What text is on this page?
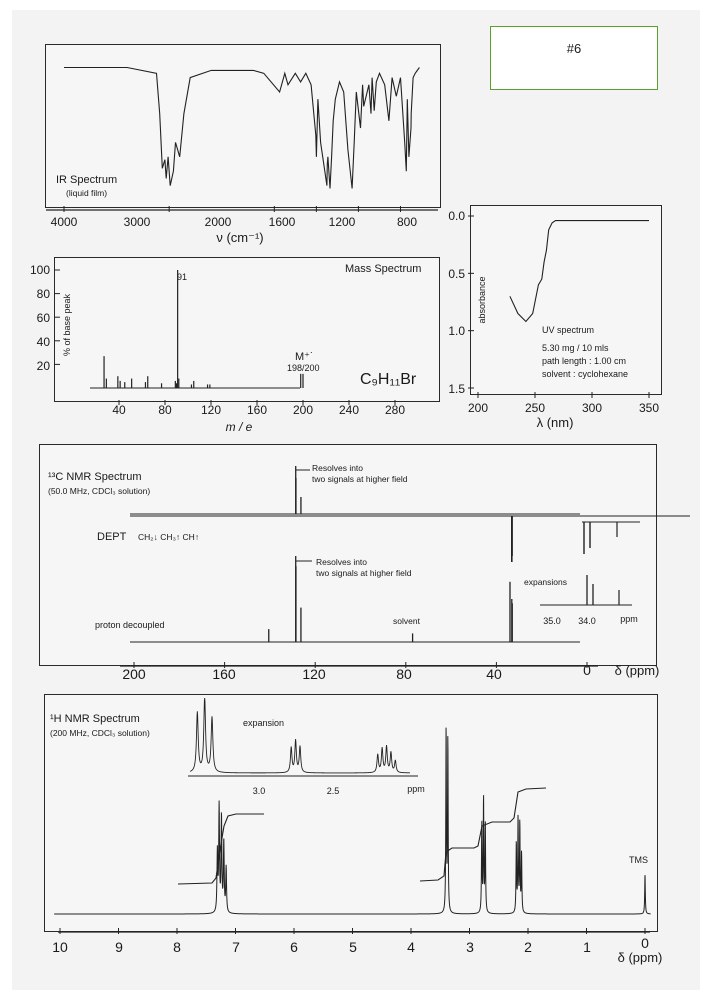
#6
IR Spectrum
(liquid film)
4000	3000	2000	1600	1200	800
ν (cm⁻¹)
Mass Spectrum
% of base peak
100
80
60
40
20
40	80 120 160 200 240 280
m / e
91
M⁺˙
198/200
C₉H₁₁Br
absorbance
0.0
0.5
1.0
1.5
200	250	300	350
λ (nm)
UV spectrum
5.30 mg / 10 mls
path length : 1.00 cm
solvent : cyclohexane
¹³C NMR Spectrum
(50.0 MHz, CDCl₃ solution)
DEPT CH₂↓ CH₃↑ CH↑
Resolves into
two signals at higher field
Resolves into
two signals at higher field
proton decoupled	solvent
expansions
35.0 34.0	ppm
200	160	120	80	40	0 δ (ppm)
¹H NMR Spectrum
(200 MHz, CDCl₃ solution)
expansion
3.0	2.5	ppm
TMS
10	9	8	7	6	5	4	3	2	1	0
δ (ppm)
